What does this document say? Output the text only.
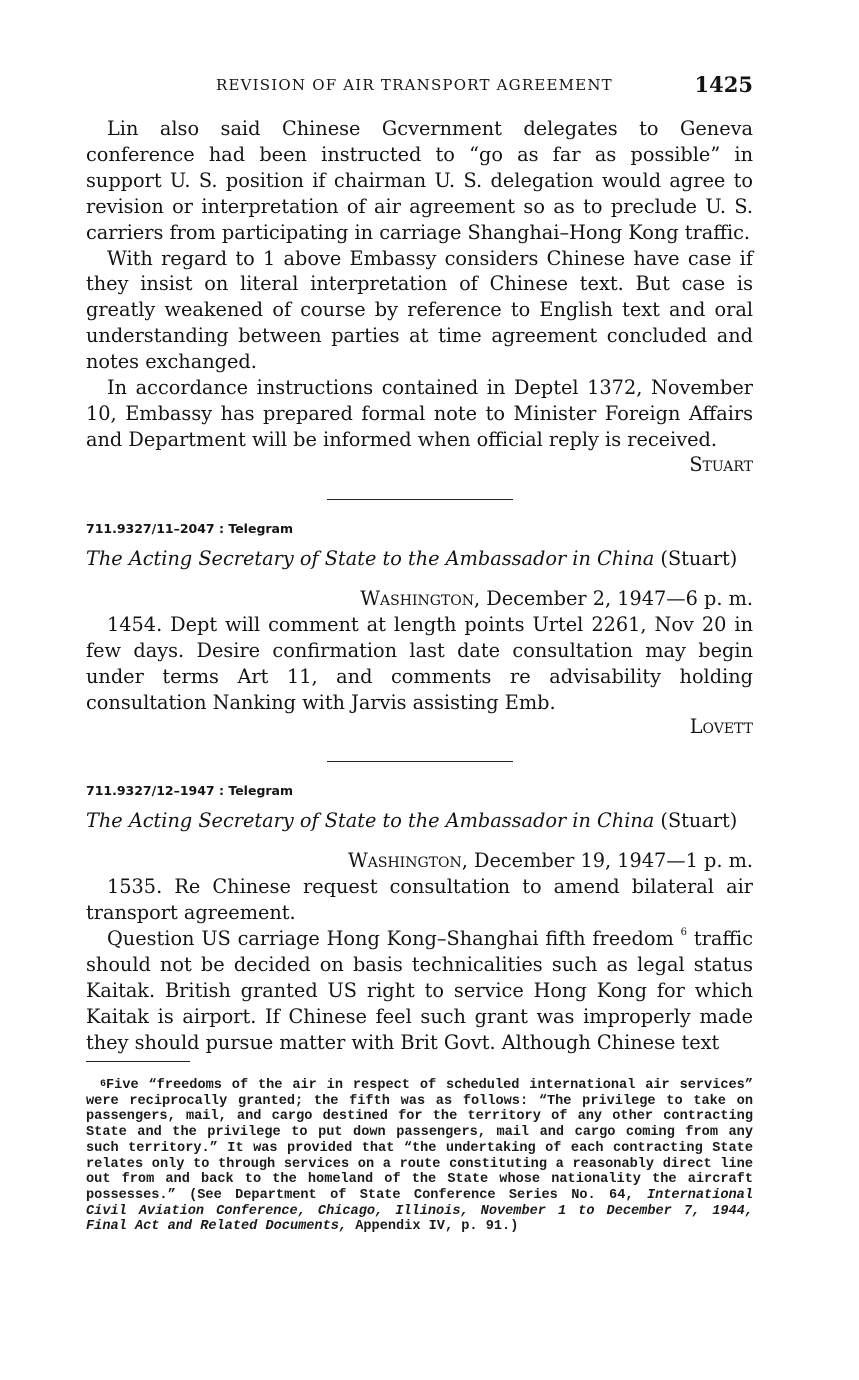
REVISION OF AIR TRANSPORT AGREEMENT	1425

Lin also said Chinese Gcvernment delegates to Geneva conference had been instructed to “go as far as possible” in support U. S. position if chairman U. S. delegation would agree to revision or interpretation of air agreement so as to preclude U. S. carriers from participating in carriage Shanghai–Hong Kong traffic.

With regard to 1 above Embassy considers Chinese have case if they insist on literal interpretation of Chinese text. But case is greatly weakened of course by reference to English text and oral understanding between parties at time agreement concluded and notes exchanged.

In accordance instructions contained in Deptel 1372, November 10, Embassy has prepared formal note to Minister Foreign Affairs and Department will be informed when official reply is received.

Stuart
711.9327/11–2047 : Telegram
The Acting Secretary of State to the Ambassador in China (Stuart)
Washington, December 2, 1947—6 p. m.

1454. Dept will comment at length points Urtel 2261, Nov 20 in few days. Desire confirmation last date consultation may begin under terms Art 11, and comments re advisability holding consultation Nanking with Jarvis assisting Emb.

Lovett
711.9327/12–1947 : Telegram
The Acting Secretary of State to the Ambassador in China (Stuart)
Washington, December 19, 1947—1 p. m.

1535. Re Chinese request consultation to amend bilateral air transport agreement.

Question US carriage Hong Kong–Shanghai fifth freedom $^6$ traffic should not be decided on basis technicalities such as legal status Kaitak. British granted US right to service Hong Kong for which Kaitak is airport. If Chinese feel such grant was improperly made they should pursue matter with Brit Govt. Although Chinese text

$^6$Five “freedoms of the air in respect of scheduled international air services” were reciprocally granted; the fifth was as follows: “The privilege to take on passengers, mail, and cargo destined for the territory of any other contracting State and the privilege to put down passengers, mail and cargo coming from any such territory.” It was provided that “the undertaking of each contracting State relates only to through services on a route constituting a reasonably direct line out from and back to the homeland of the State whose nationality the aircraft possesses.” (See Department of State Conference Series No. 64, International Civil Aviation Conference, Chicago, Illinois, November 1 to December 7, 1944, Final Act and Related Documents, Appendix IV, p. 91.)
